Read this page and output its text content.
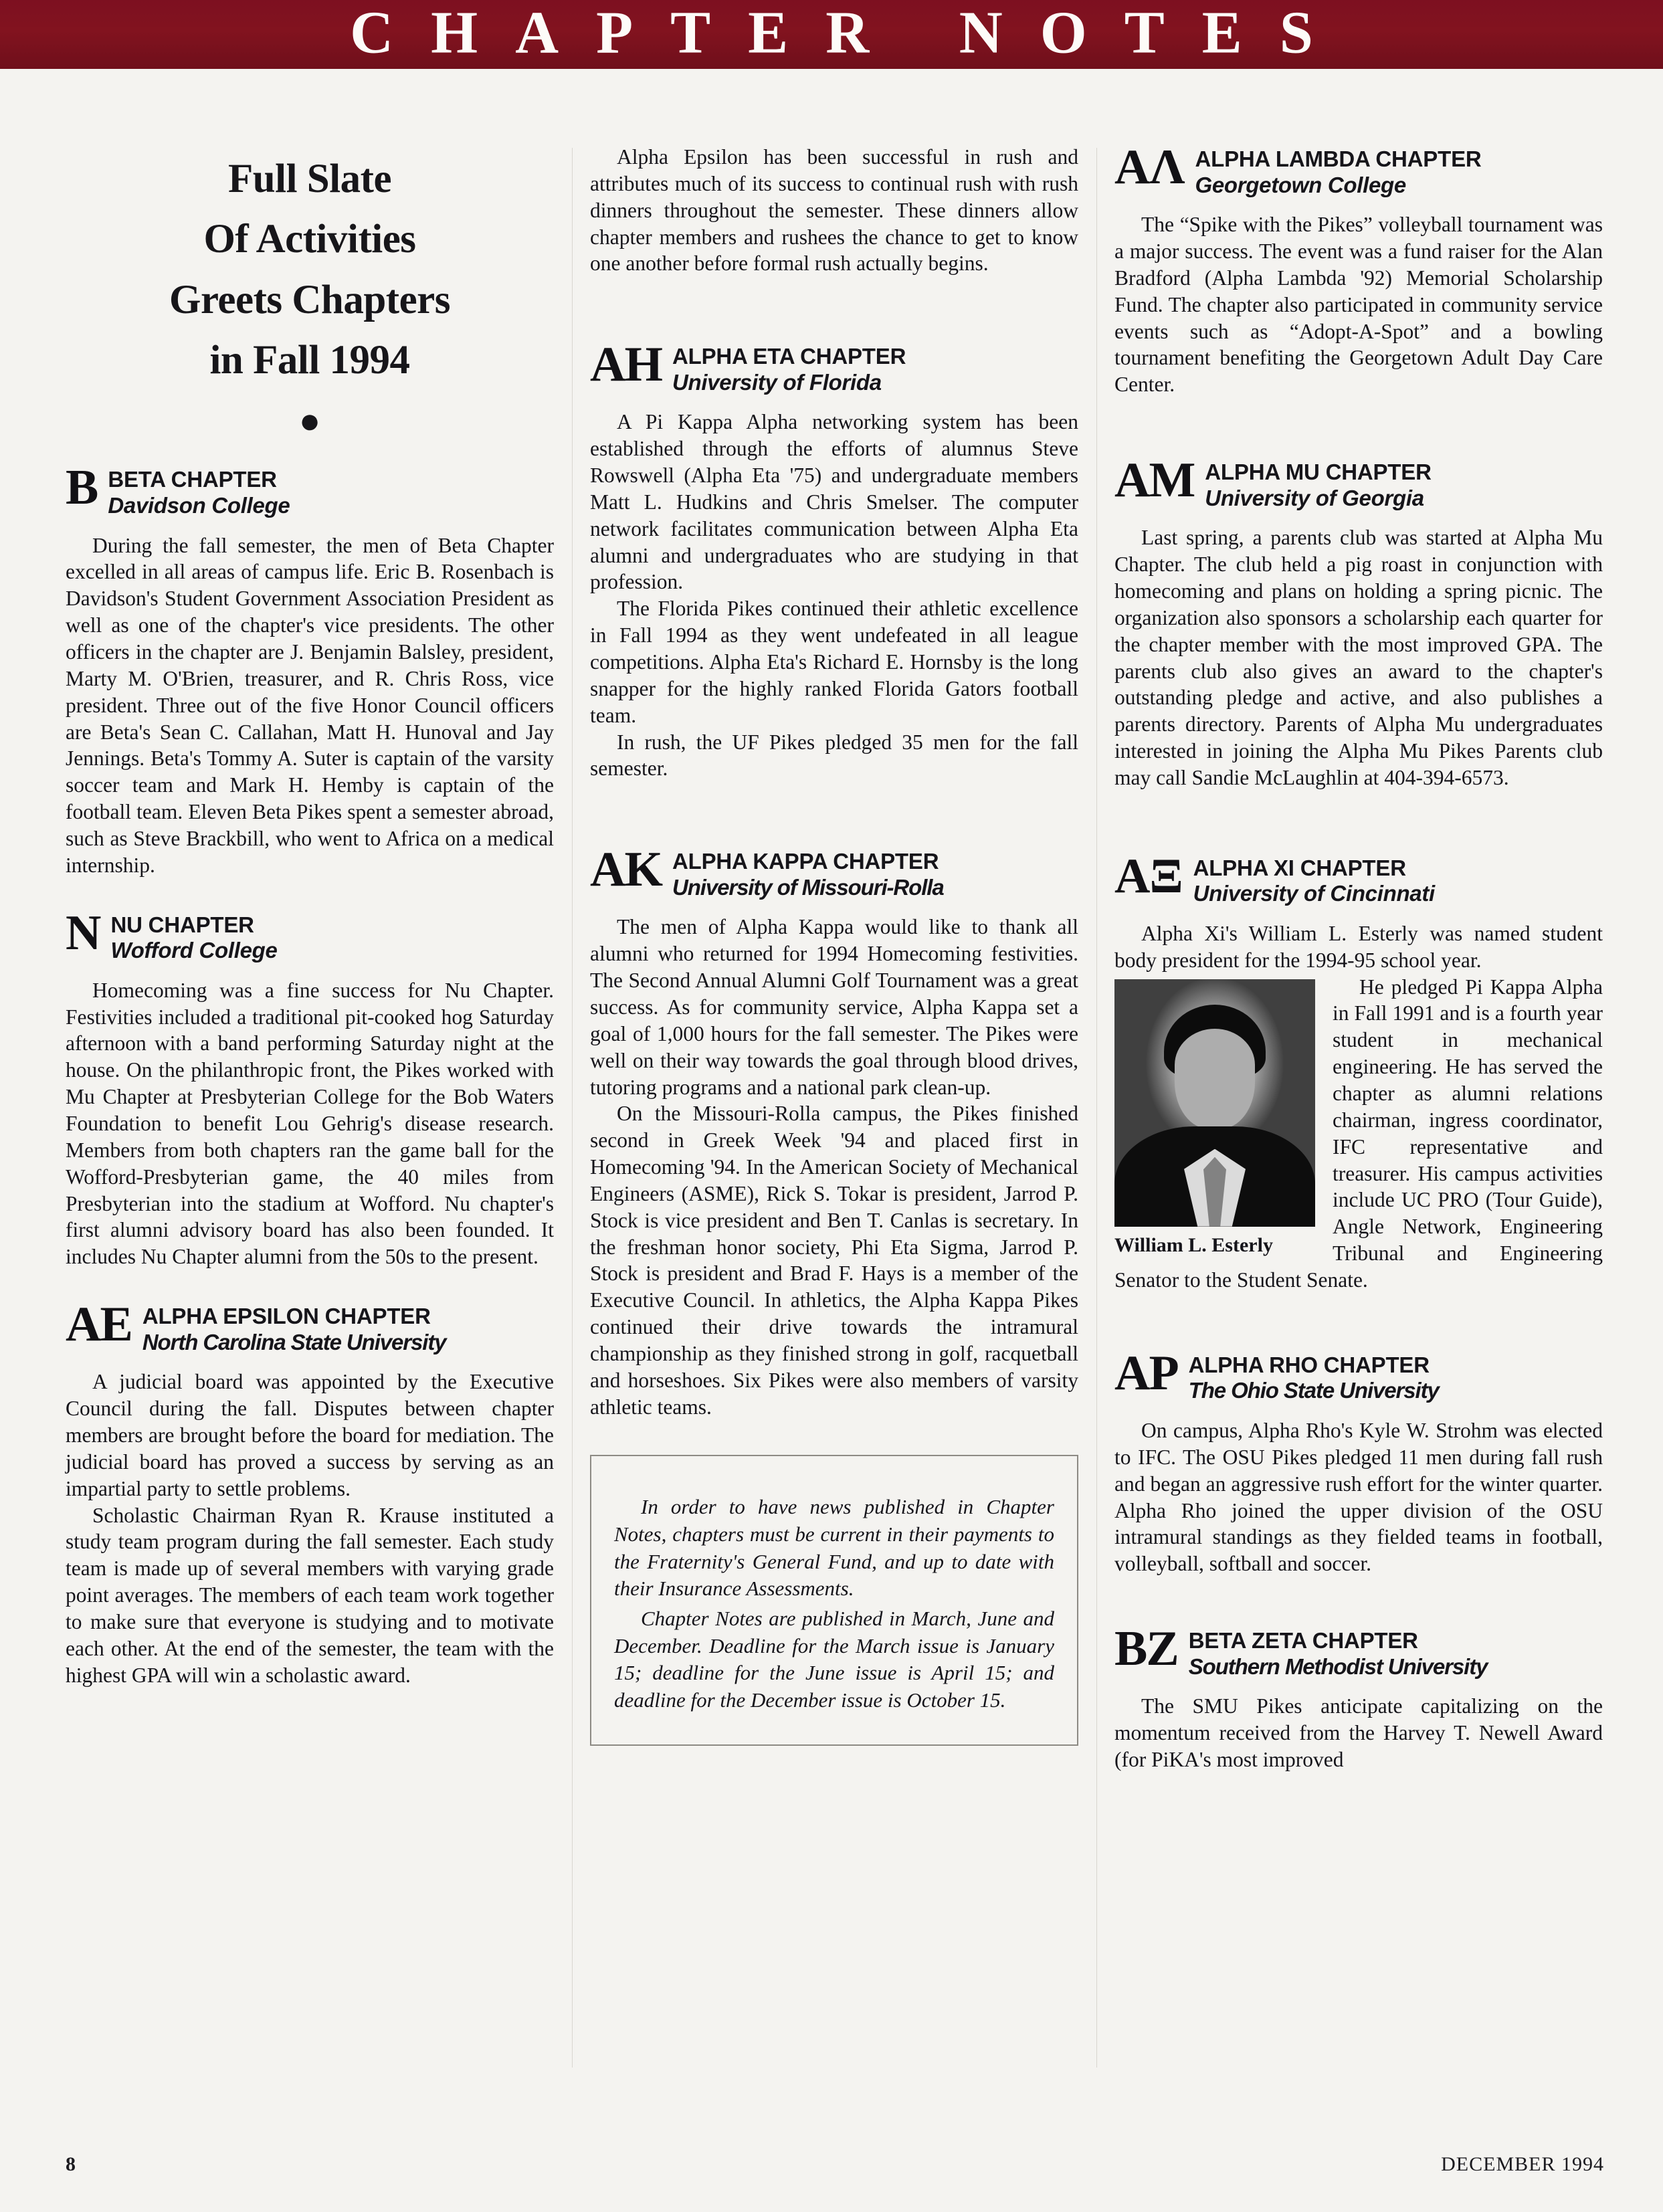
CHAPTER NOTES
Full Slate
Of Activities
Greets Chapters
in Fall 1994
●
B BETA CHAPTER
Davidson College

During the fall semester, the men of Beta Chapter excelled in all areas of campus life. Eric B. Rosenbach is Davidson's Student Government Association President as well as one of the chapter's vice presidents. The other officers in the chapter are J. Benjamin Balsley, president, Marty M. O'Brien, treasurer, and R. Chris Ross, vice president. Three out of the five Honor Council officers are Beta's Sean C. Callahan, Matt H. Hunoval and Jay Jennings. Beta's Tommy A. Suter is captain of the varsity soccer team and Mark H. Hemby is captain of the football team. Eleven Beta Pikes spent a semester abroad, such as Steve Brackbill, who went to Africa on a medical internship.

N NU CHAPTER
Wofford College

Homecoming was a fine success for Nu Chapter. Festivities included a traditional pit-cooked hog Saturday afternoon with a band performing Saturday night at the house. On the philanthropic front, the Pikes worked with Mu Chapter at Presbyterian College for the Bob Waters Foundation to benefit Lou Gehrig's disease research. Members from both chapters ran the game ball for the Wofford-Presbyterian game, the 40 miles from Presbyterian into the stadium at Wofford. Nu chapter's first alumni advisory board has also been founded. It includes Nu Chapter alumni from the 50s to the present.

AE ALPHA EPSILON CHAPTER
North Carolina State University

A judicial board was appointed by the Executive Council during the fall. Disputes between chapter members are brought before the board for mediation. The judicial board has proved a success by serving as an impartial party to settle problems.

Scholastic Chairman Ryan R. Krause instituted a study team program during the fall semester. Each study team is made up of several members with varying grade point averages. The members of each team work together to make sure that everyone is studying and to motivate each other. At the end of the semester, the team with the highest GPA will win a scholastic award.

Alpha Epsilon has been successful in rush and attributes much of its success to continual rush with rush dinners throughout the semester. These dinners allow chapter members and rushees the chance to get to know one another before formal rush actually begins.

AH ALPHA ETA CHAPTER
University of Florida

A Pi Kappa Alpha networking system has been established through the efforts of alumnus Steve Rowswell (Alpha Eta '75) and undergraduate members Matt L. Hudkins and Chris Smelser. The computer network facilitates communication between Alpha Eta alumni and undergraduates who are studying in that profession.

The Florida Pikes continued their athletic excellence in Fall 1994 as they went undefeated in all league competitions. Alpha Eta's Richard E. Hornsby is the long snapper for the highly ranked Florida Gators football team.

In rush, the UF Pikes pledged 35 men for the fall semester.

AK ALPHA KAPPA CHAPTER
University of Missouri-Rolla

The men of Alpha Kappa would like to thank all alumni who returned for 1994 Homecoming festivities. The Second Annual Alumni Golf Tournament was a great success. As for community service, Alpha Kappa set a goal of 1,000 hours for the fall semester. The Pikes were well on their way towards the goal through blood drives, tutoring programs and a national park clean-up.

On the Missouri-Rolla campus, the Pikes finished second in Greek Week '94 and placed first in Homecoming '94. In the American Society of Mechanical Engineers (ASME), Rick S. Tokar is president, Jarrod P. Stock is vice president and Ben T. Canlas is secretary. In the freshman honor society, Phi Eta Sigma, Jarrod P. Stock is president and Brad F. Hays is a member of the Executive Council. In athletics, the Alpha Kappa Pikes continued their drive towards the intramural championship as they finished strong in golf, racquetball and horseshoes. Six Pikes were also members of varsity athletic teams.

In order to have news published in Chapter Notes, chapters must be current in their payments to the Fraternity's General Fund, and up to date with their Insurance Assessments.

Chapter Notes are published in March, June and December. Deadline for the March issue is January 15; deadline for the June issue is April 15; and deadline for the December issue is October 15.

AΛ ALPHA LAMBDA CHAPTER
Georgetown College

The “Spike with the Pikes” volleyball tournament was a major success. The event was a fund raiser for the Alan Bradford (Alpha Lambda '92) Memorial Scholarship Fund. The chapter also participated in community service events such as “Adopt-A-Spot” and a bowling tournament benefiting the Georgetown Adult Day Care Center.

AM ALPHA MU CHAPTER
University of Georgia

Last spring, a parents club was started at Alpha Mu Chapter. The club held a pig roast in conjunction with homecoming and plans on holding a spring picnic. The organization also sponsors a scholarship each quarter for the chapter member with the most improved GPA. The parents club also gives an award to the chapter's outstanding pledge and active, and also publishes a parents directory. Parents of Alpha Mu undergraduates interested in joining the Alpha Mu Pikes Parents club may call Sandie McLaughlin at 404-394-6573.

AΞ ALPHA XI CHAPTER
University of Cincinnati

Alpha Xi's William L. Esterly was named student body president for the 1994-95 school year.

William L. Esterly

He pledged Pi Kappa Alpha in Fall 1991 and is a fourth year student in mechanical engineering. He has served the chapter as alumni relations chairman, ingress coordinator, IFC representative and treasurer. His campus activities include UC PRO (Tour Guide), Angle Network, Engineering Tribunal and Engineering Senator to the Student Senate.

AP ALPHA RHO CHAPTER
The Ohio State University

On campus, Alpha Rho's Kyle W. Strohm was elected to IFC. The OSU Pikes pledged 11 men during fall rush and began an aggressive rush effort for the winter quarter. Alpha Rho joined the upper division of the OSU intramural standings as they fielded teams in football, volleyball, softball and soccer.

BZ BETA ZETA CHAPTER
Southern Methodist University

The SMU Pikes anticipate capitalizing on the momentum received from the Harvey T. Newell Award (for PiKA's most improved

8	DECEMBER 1994
